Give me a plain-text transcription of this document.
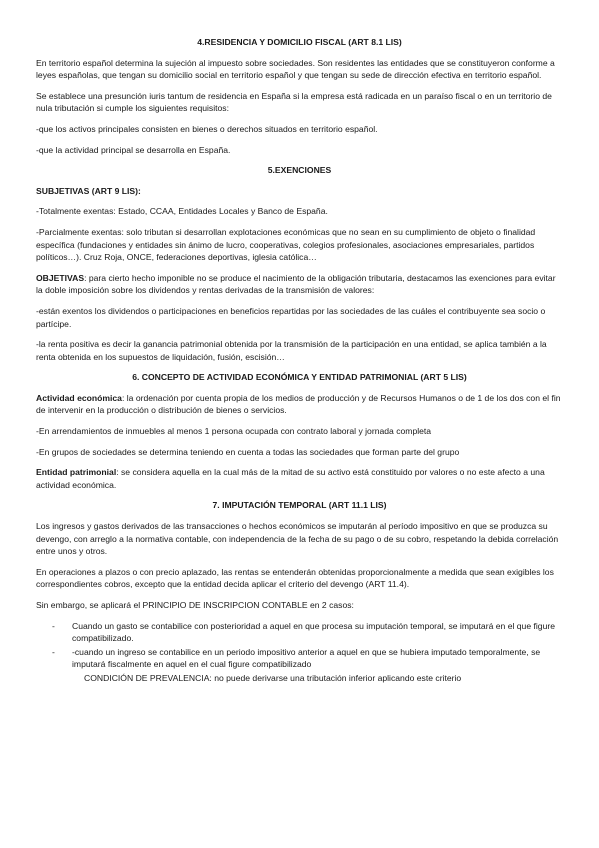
4.RESIDENCIA Y DOMICILIO FISCAL (ART 8.1 LIS)

En territorio español determina la sujeción al impuesto sobre sociedades. Son residentes las entidades que se constituyeron conforme a leyes españolas, que tengan su domicilio social en territorio español y que tengan su sede de dirección efectiva en territorio español.

Se establece una presunción iuris tantum de residencia en España si la empresa está radicada en un paraíso fiscal o en un territorio de nula tributación si cumple los siguientes requisitos:

-que los activos principales consisten en bienes o derechos situados en territorio español.

-que la actividad principal se desarrolla en España.

5.EXENCIONES

SUBJETIVAS (ART 9 LIS):

-Totalmente exentas: Estado, CCAA, Entidades Locales y Banco de España.

-Parcialmente exentas: solo tributan si desarrollan explotaciones económicas que no sean en su cumplimiento de objeto o finalidad específica (fundaciones y entidades sin ánimo de lucro, cooperativas, colegios profesionales, asociaciones empresariales, partidos políticos…). Cruz Roja, ONCE, federaciones deportivas, iglesia católica…

OBJETIVAS: para cierto hecho imponible no se produce el nacimiento de la obligación tributaria, destacamos las exenciones para evitar la doble imposición sobre los dividendos y rentas derivadas de la transmisión de valores:

-están exentos los dividendos o participaciones en beneficios repartidas por las sociedades de las cuáles el contribuyente sea socio o partícipe.

-la renta positiva es decir la ganancia patrimonial obtenida por la transmisión de la participación en una entidad, se aplica también a la renta obtenida en los supuestos de liquidación, fusión, escisión…

6. CONCEPTO DE ACTIVIDAD ECONÓMICA Y ENTIDAD PATRIMONIAL (ART 5 LIS)

Actividad económica: la ordenación por cuenta propia de los medios de producción y de Recursos Humanos o de 1 de los dos con el fin de intervenir en la producción o distribución de bienes o servicios.

-En arrendamientos de inmuebles al menos 1 persona ocupada con contrato laboral y jornada completa

-En grupos de sociedades se determina teniendo en cuenta a todas las sociedades que forman parte del grupo

Entidad patrimonial: se considera aquella en la cual más de la mitad de su activo está constituido por valores o no este afecto a una actividad económica.

7. IMPUTACIÓN TEMPORAL (ART 11.1 LIS)

Los ingresos y gastos derivados de las transacciones o hechos económicos se imputarán al período impositivo en que se produzca su devengo, con arreglo a la normativa contable, con independencia de la fecha de su pago o de su cobro, respetando la debida correlación entre unos y otros.

En operaciones a plazos o con precio aplazado, las rentas se entenderán obtenidas proporcionalmente a medida que sean exigibles los correspondientes cobros, excepto que la entidad decida aplicar el criterio del devengo (ART 11.4).

Sin embargo, se aplicará el PRINCIPIO DE INSCRIPCION CONTABLE en 2 casos:

- Cuando un gasto se contabilice con posterioridad a aquel en que procesa su imputación temporal, se imputará en el que figure compatibilizado.
- -cuando un ingreso se contabilice en un periodo impositivo anterior a aquel en que se hubiera imputado temporalmente, se imputará fiscalmente en aquel en el cual figure compatibilizado

CONDICIÓN DE PREVALENCIA: no puede derivarse una tributación inferior aplicando este criterio
